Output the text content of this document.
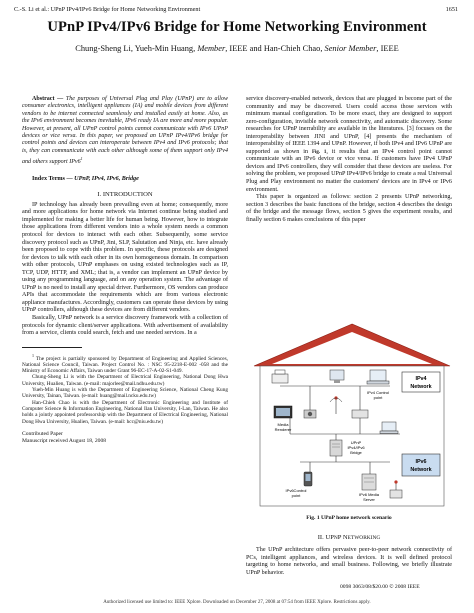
C.-S. Li et al.: UPnP IPv4/IPv6 Bridge for Home Networking Environment	1651
UPnP IPv4/IPv6 Bridge for Home Networking Environment
Chung-Sheng Li, Yueh-Min Huang, Member, IEEE and Han-Chieh Chao, Senior Member, IEEE

Abstract — The purposes of Universal Plug and Play (UPnP) are to allow consumer electronics, intelligent appliances (IA) and mobile devices from different vendors to be internet connected seamlessly and installed easily at home. Also, as the IPv6 environment becomes inevitable, IPv6 ready IA are more and more popular. However, at present, all UPnP control points cannot communicate with IPv6 UPnP devices or vice versa. In this paper, we proposed an UPnP IPv4/IPv6 bridge for control points and devices can interoperate between IPv4 and IPv6 protocols; that is, they can communicate with each other although some of them support only IPv4 and others support $IPv6^1$

Index Terms — UPnP, IPv4, IPv6, Bridge

I. INTRODUCTION

IP technology has already been prevailing even at home; consequently, more and more applications for home network via Internet continue being studied and implemented for making a better life for human being. However, how to integrate those applications from different vendors into a whole system needs a common protocol for devices to interact with each other. Subsequently, some service discovery protocol such as UPnP, Jini, SLP, Salutation and Ninja, etc. have already been proposed to cope with this problem. In specific, these protocols are designed for devices to talk with each other in its own homogeneous domain. In comparison with other protocols, UPnP emphases on using existed technologies such as IP, TCP, UDP, HTTP, and XML; that is, a vendor can implement an UPnP device by using any programming language, and on any operation system. The advantage of UPnP is no need to install any special driver. Furthermore, OS vendors can produce APIs that accommodate the requirements which are from various electronic appliance manufactures. Accordingly, customers can operate these devices by using UPnP controllers, although these devices are from different vendors.

Basically, UPnP network is a service discovery framework with a collection of protocols for dynamic client/server applications. With advertisement of availability from a service, clients could search, fetch and use needed services. In a

$^1$ The project is partially sponsored by Department of Engineering and Applied Sciences, National Science Council, Taiwan. Project Control No. : NSC 95-2218-E-002 -058 and the Ministry of Economic Affairs, Taiwan under Grant 96-EC-17-A-02-S1-049.

Chung-Sheng Li is with the Department of Electrical Engineering, National Dong Hwa University, Hualien, Taiwan. (e-mail: majorlee@mail.ndhu.edu.tw)

Yueh-Min Huang is with the Department of Engineering Science, National Cheng Kung University, Tainan, Taiwan. (e-mail: huang@mail.ncku.edu.tw)

Han-Chieh Chao is with the Department of Electronic Engineering and Institute of Computer Science & Information Engineering, National Ilan University, I-Lan, Taiwan. He also holds a jointly appointed professorship with the Department of Electrical Engineering, National Dong Hwa University, Hualien, Taiwan. (e-mail: hcc@niu.edu.tw)

Contributed Paper
Manuscript received August 18, 2008

0098 3063/08/$20.00 © 2008 IEEE

service discovery-enabled network, devices that are plugged in become part of the community and may be discovered. Users could access those services with minimum manual configuration. To be more exact, they are designed to support zero-configuration, invisible network connectivity, and automatic discovery. Some researches for UPnP inerrability are available in the literatures. [3] focuses on the interoperability between JINI and UPnP, [4] presents the mechanism of interoperability of IEEE 1394 and UPnP. However, if both IPv4 and IPv6 UPnP are supported as shown in Fig. 1, it results that an IPv4 control point cannot communicate with an IPv6 device or vice versa. If customers have IPv4 UPnP devices and IPv6 controllers, they will consider that these devices are useless. For solving the problem, we proposed UPnP IPv4/IPv6 bridge to create a real Universal Plug and Play environment no matter the customers' devices are in IPv4 or IPv6 environment.

This paper is organized as follows: section 2 presents UPnP networking, section 3 describes the basic functions of the bridge, section 4 describes the design of the bridge and the message flows, section 5 gives the experiment results, and finally section 6 makes conclusions of this paper

IPv4
Network
IPv6
Network
IPv4 Control
point
Media
Renderer
UPnP
IPv4/IPv6
Bridge
IPv6Control
point	IPv6 Media
Server
Fig. 1 UPnP home network scenario
II. UPNP NETWORKING
The UPnP architecture offers pervasive peer-to-peer network connectivity of PCs, intelligent appliances, and wireless devices. It is well defined protocol targeting to home networks, and small business. Following, we briefly illustrate UPnP behavior.
Authorized licensed use limited to: IEEE Xplore. Downloaded on December 27, 2008 at 07:54 from IEEE Xplore. Restrictions apply.
